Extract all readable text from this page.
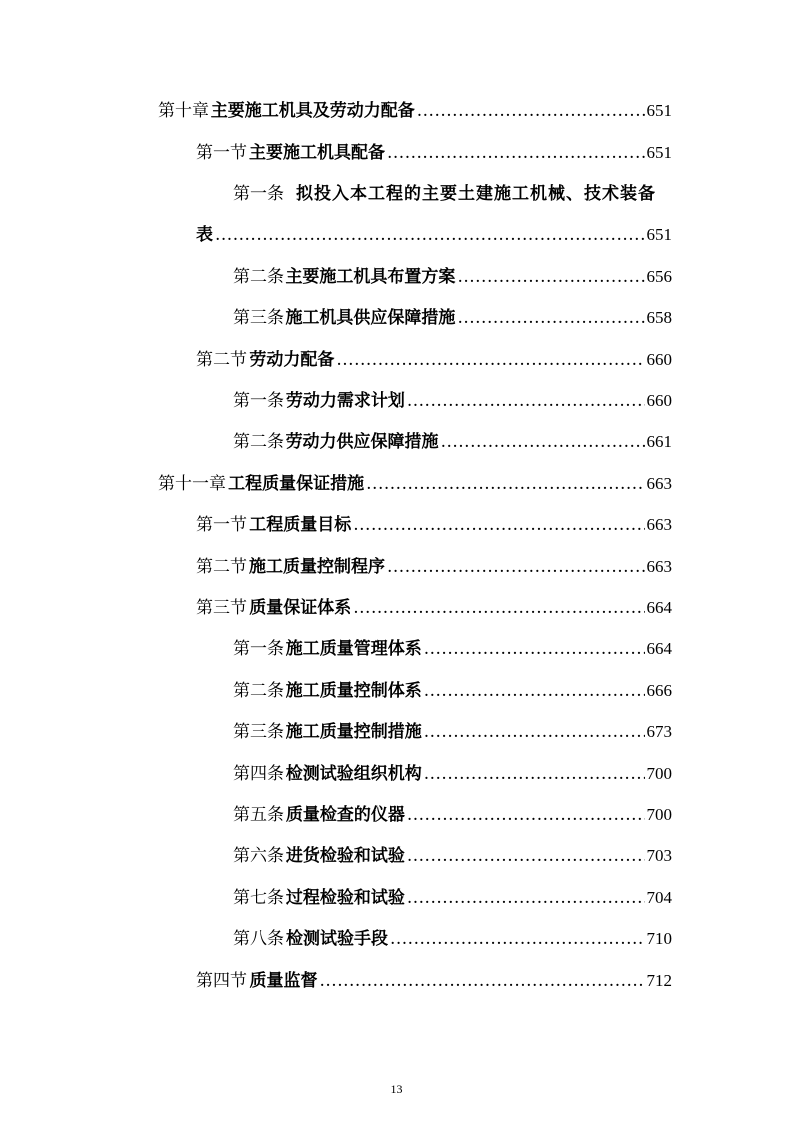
第十章 主要施工机具及劳动力配备 .....	651
第一节 主要施工机具配备 .....	651
第一条 拟投入本工程的主要土建施工机械、技术装备
表 .....	651
第二条 主要施工机具布置方案 .....	656
第三条 施工机具供应保障措施 .....	658
第二节 劳动力配备 .....	660
第一条 劳动力需求计划 .....	660
第二条 劳动力供应保障措施 .....	661
第十一章 工程质量保证措施 .....	663
第一节 工程质量目标 .....	663
第二节 施工质量控制程序 .....	663
第三节 质量保证体系 .....	664
第一条 施工质量管理体系 .....	664
第二条 施工质量控制体系 .....	666
第三条 施工质量控制措施 .....	673
第四条 检测试验组织机构 .....	700
第五条 质量检查的仪器 .....	700
第六条 进货检验和试验 .....	703
第七条 过程检验和试验 .....	704
第八条 检测试验手段 .....	710
第四节 质量监督 .....	712
13
